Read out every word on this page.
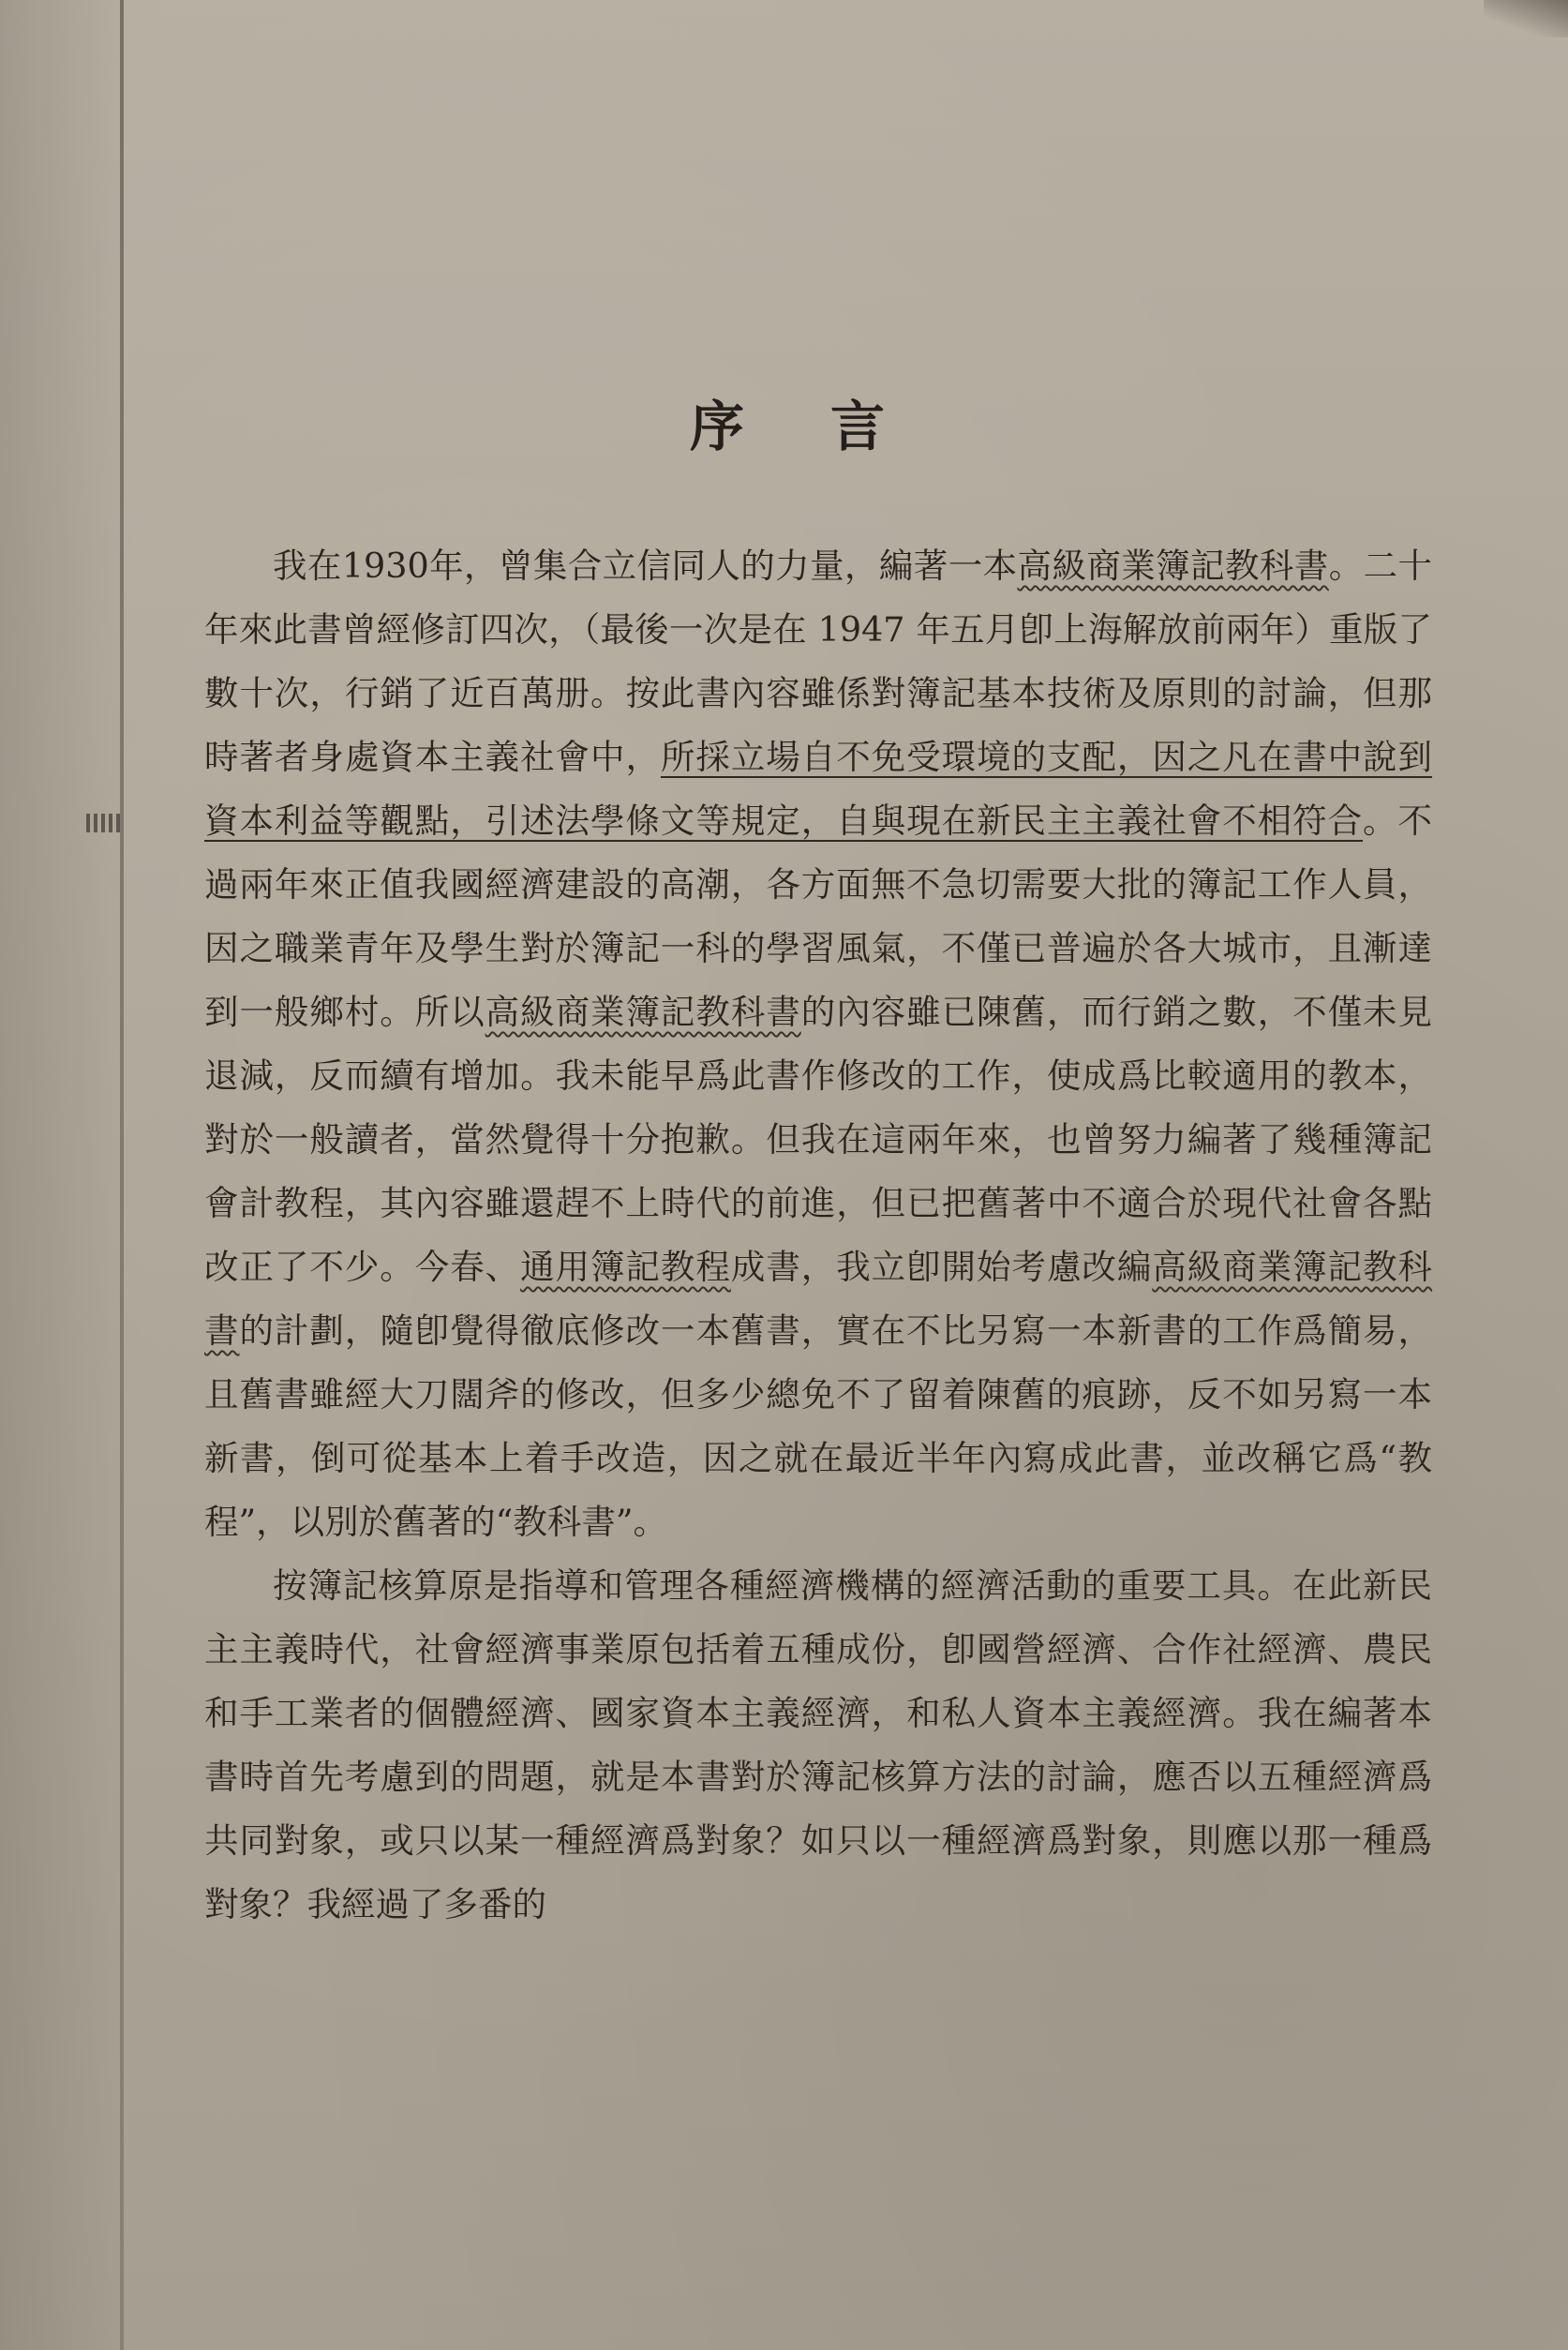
序言

我在1930年，曾集合立信同人的力量，編著一本高級商業簿記教科書。二十年來此書曾經修訂四次，（最後一次是在 1947 年五月卽上海解放前兩年）重版了數十次，行銷了近百萬册。按此書內容雖係對簿記基本技術及原則的討論，但那時著者身處資本主義社會中，所採立場自不免受環境的支配，因之凡在書中說到資本利益等觀點，引述法學條文等規定，自與現在新民主主義社會不相符合。不過兩年來正值我國經濟建設的高潮，各方面無不急切需要大批的簿記工作人員，因之職業青年及學生對於簿記一科的學習風氣，不僅已普遍於各大城市，且漸達到一般鄉村。所以高級商業簿記教科書的內容雖已陳舊，而行銷之數，不僅未見退減，反而續有增加。我未能早爲此書作修改的工作，使成爲比較適用的教本，對於一般讀者，當然覺得十分抱歉。但我在這兩年來，也曾努力編著了幾種簿記會計教程，其內容雖還趕不上時代的前進，但已把舊著中不適合於現代社會各點改正了不少。今春、通用簿記教程成書，我立卽開始考慮改編高級商業簿記教科書的計劃，隨卽覺得徹底修改一本舊書，實在不比另寫一本新書的工作爲簡易，且舊書雖經大刀闊斧的修改，但多少總免不了留着陳舊的痕跡，反不如另寫一本新書，倒可從基本上着手改造，因之就在最近半年內寫成此書，並改稱它爲“教程”，以別於舊著的“教科書”。

按簿記核算原是指導和管理各種經濟機構的經濟活動的重要工具。在此新民主主義時代，社會經濟事業原包括着五種成份，卽國營經濟、合作社經濟、農民和手工業者的個體經濟、國家資本主義經濟，和私人資本主義經濟。我在編著本書時首先考慮到的問題，就是本書對於簿記核算方法的討論，應否以五種經濟爲共同對象，或只以某一種經濟爲對象？如只以一種經濟爲對象，則應以那一種爲對象？我經過了多番的
